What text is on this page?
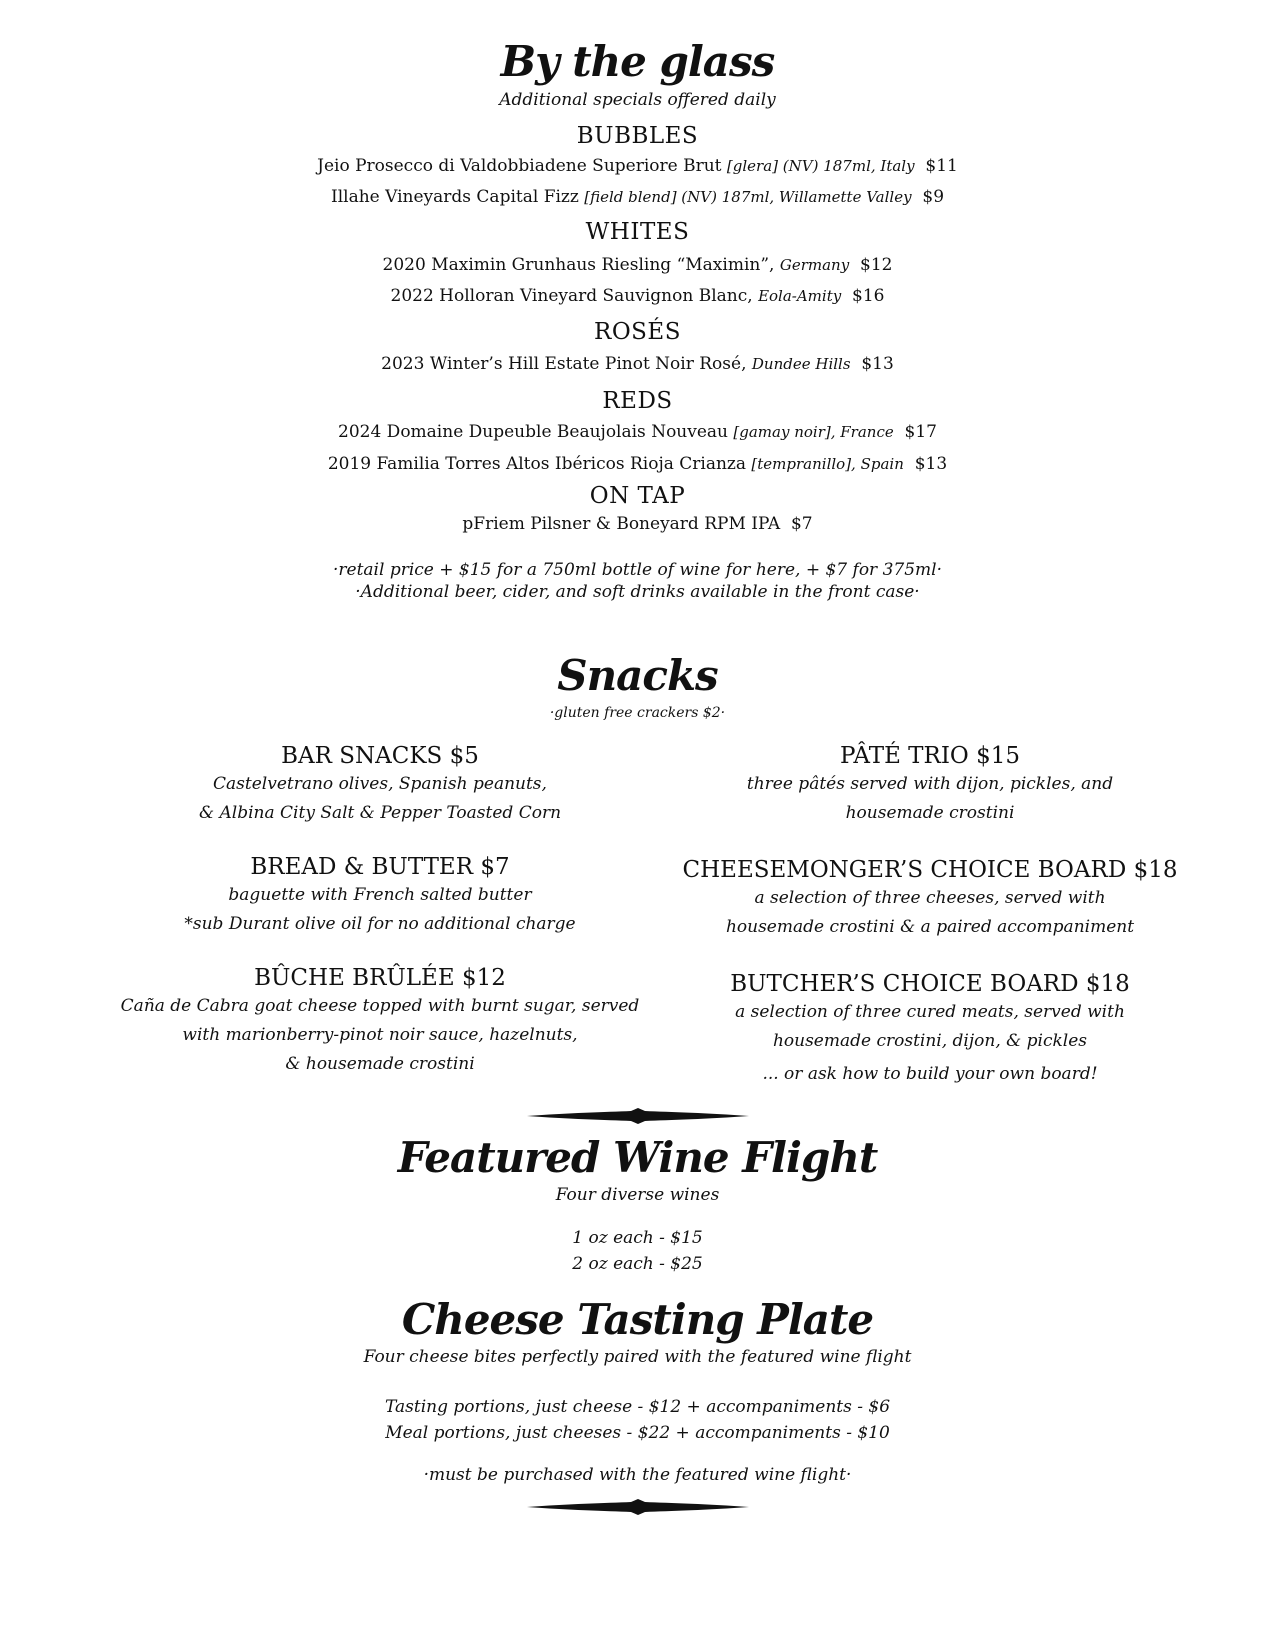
By the glass
Additional specials offered daily
BUBBLES
Jeio Prosecco di Valdobbiadene Superiore Brut [glera] (NV) 187ml, Italy $11
Illahe Vineyards Capital Fizz [field blend] (NV) 187ml, Willamette Valley $9
WHITES
2020 Maximin Grunhaus Riesling “Maximin”, Germany $12
2022 Holloran Vineyard Sauvignon Blanc, Eola-Amity $16
ROSÉS
2023 Winter’s Hill Estate Pinot Noir Rosé, Dundee Hills $13
REDS
2024 Domaine Dupeuble Beaujolais Nouveau [gamay noir], France $17
2019 Familia Torres Altos Ibéricos Rioja Crianza [tempranillo], Spain $13
ON TAP
pFriem Pilsner & Boneyard RPM IPA $7
·retail price + $15 for a 750ml bottle of wine for here, + $7 for 375ml·
·Additional beer, cider, and soft drinks available in the front case·
Snacks
·gluten free crackers $2·
BAR SNACKS $5
Castelvetrano olives, Spanish peanuts,
& Albina City Salt & Pepper Toasted Corn
BREAD & BUTTER $7
baguette with French salted butter
*sub Durant olive oil for no additional charge
BÛCHE BRÛLÉE $12
Caña de Cabra goat cheese topped with burnt sugar, served
with marionberry-pinot noir sauce, hazelnuts,
& housemade crostini
PÂTÉ TRIO $15
three pâtés served with dijon, pickles, and
housemade crostini
CHEESEMONGER’S CHOICE BOARD $18
a selection of three cheeses, served with
housemade crostini & a paired accompaniment
BUTCHER’S CHOICE BOARD $18
a selection of three cured meats, served with
housemade crostini, dijon, & pickles
... or ask how to build your own board!
Featured Wine Flight
Four diverse wines
1 oz each - $15
2 oz each - $25
Cheese Tasting Plate
Four cheese bites perfectly paired with the featured wine flight
Tasting portions, just cheese - $12 + accompaniments - $6
Meal portions, just cheeses - $22 + accompaniments - $10
·must be purchased with the featured wine flight·
